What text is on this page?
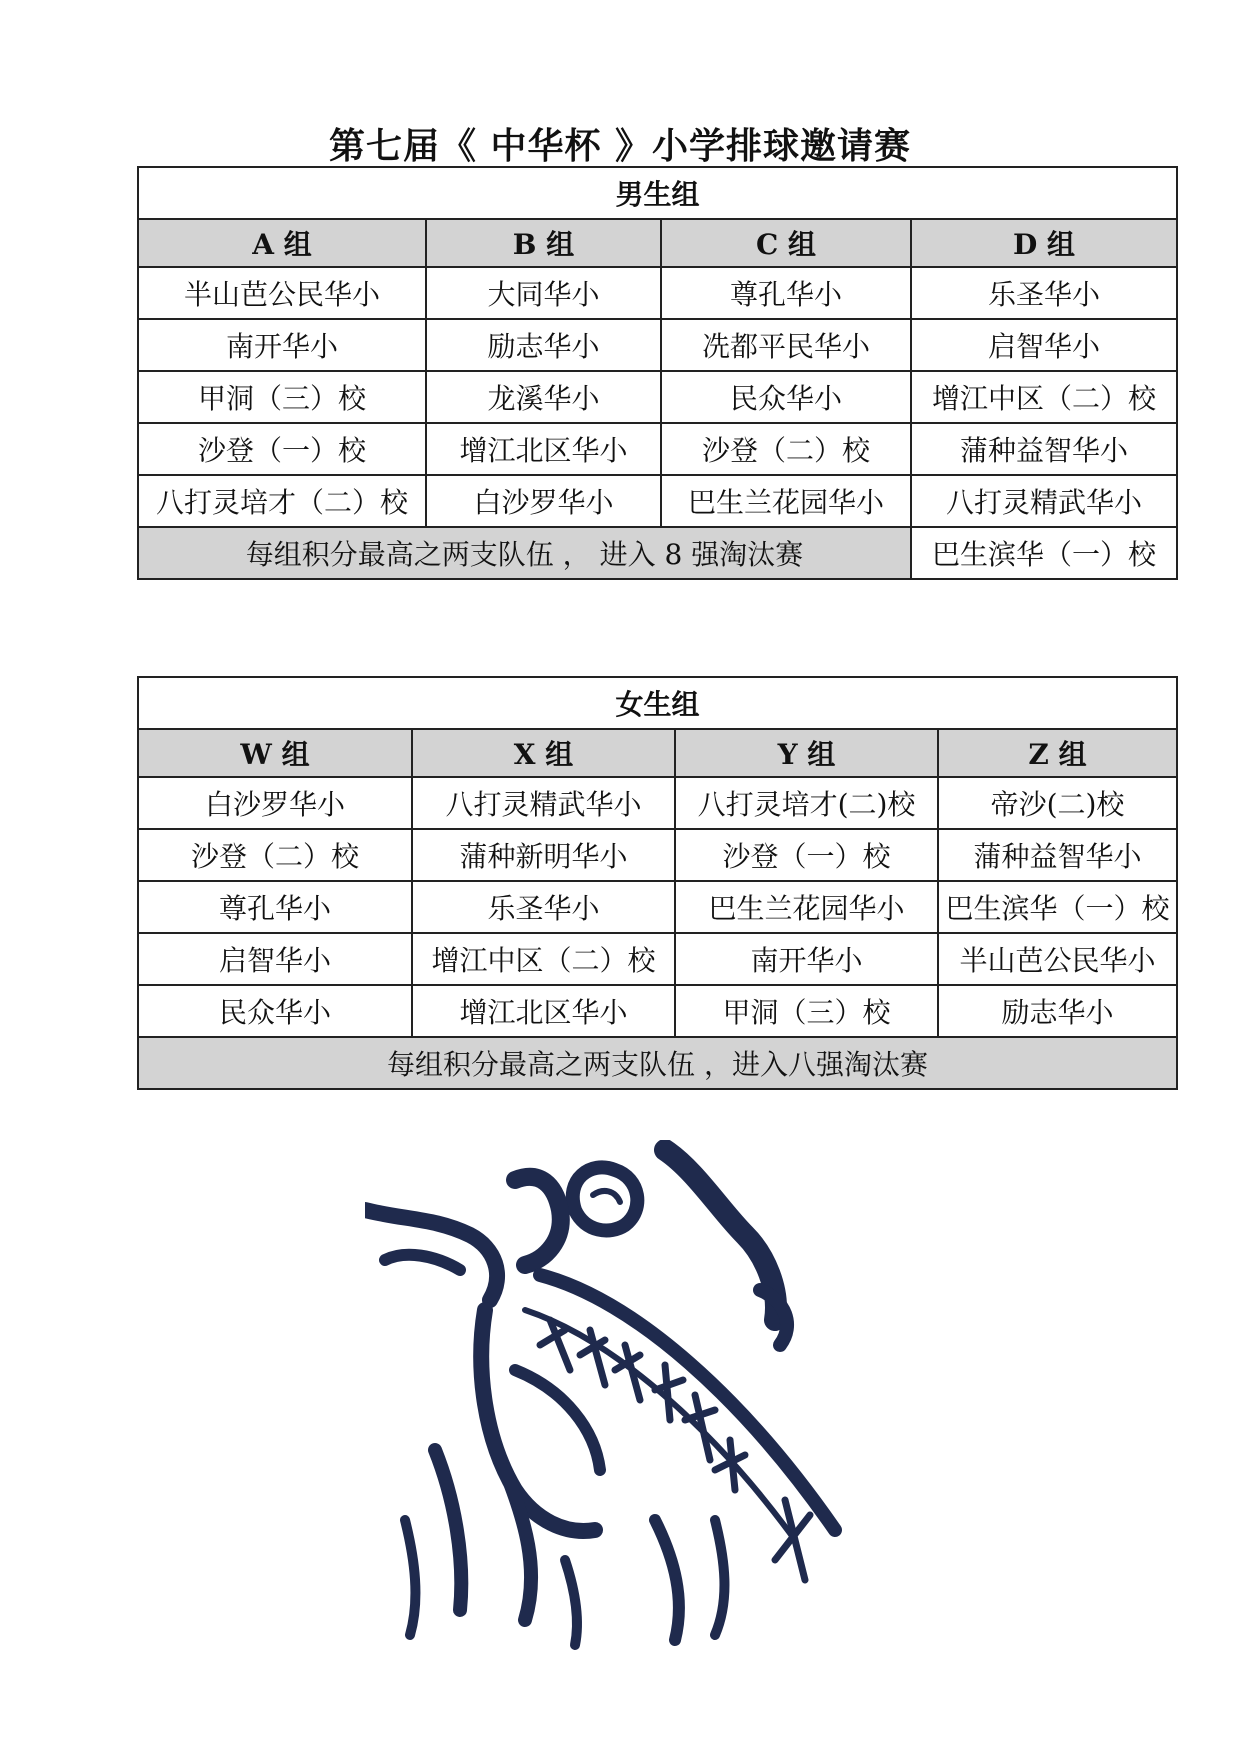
第七届《 中华杯 》小学排球邀请赛
男生组			
A 组	B 组	C 组	D 组
半山芭公民华小	大同华小	尊孔华小	乐圣华小
南开华小	励志华小	冼都平民华小	启智华小
甲洞（三）校	龙溪华小	民众华小	增江中区（二）校
沙登（一）校	增江北区华小	沙登（二）校	蒲种益智华小
八打灵培才（二）校	白沙罗华小	巴生兰花园华小	八打灵精武华小
每组积分最高之两支队伍 ， 进入 8 强淘汰赛			巴生滨华（一）校
女生组			
W 组	X 组	Y 组	Z 组
白沙罗华小	八打灵精武华小	八打灵培才(二)校	帝沙(二)校
沙登（二）校	蒲种新明华小	沙登（一）校	蒲种益智华小
尊孔华小	乐圣华小	巴生兰花园华小	巴生滨华（一）校
启智华小	增江中区（二）校	南开华小	半山芭公民华小
民众华小	增江北区华小	甲洞（三）校	励志华小
每组积分最高之两支队伍 ，进入八强淘汰赛			
